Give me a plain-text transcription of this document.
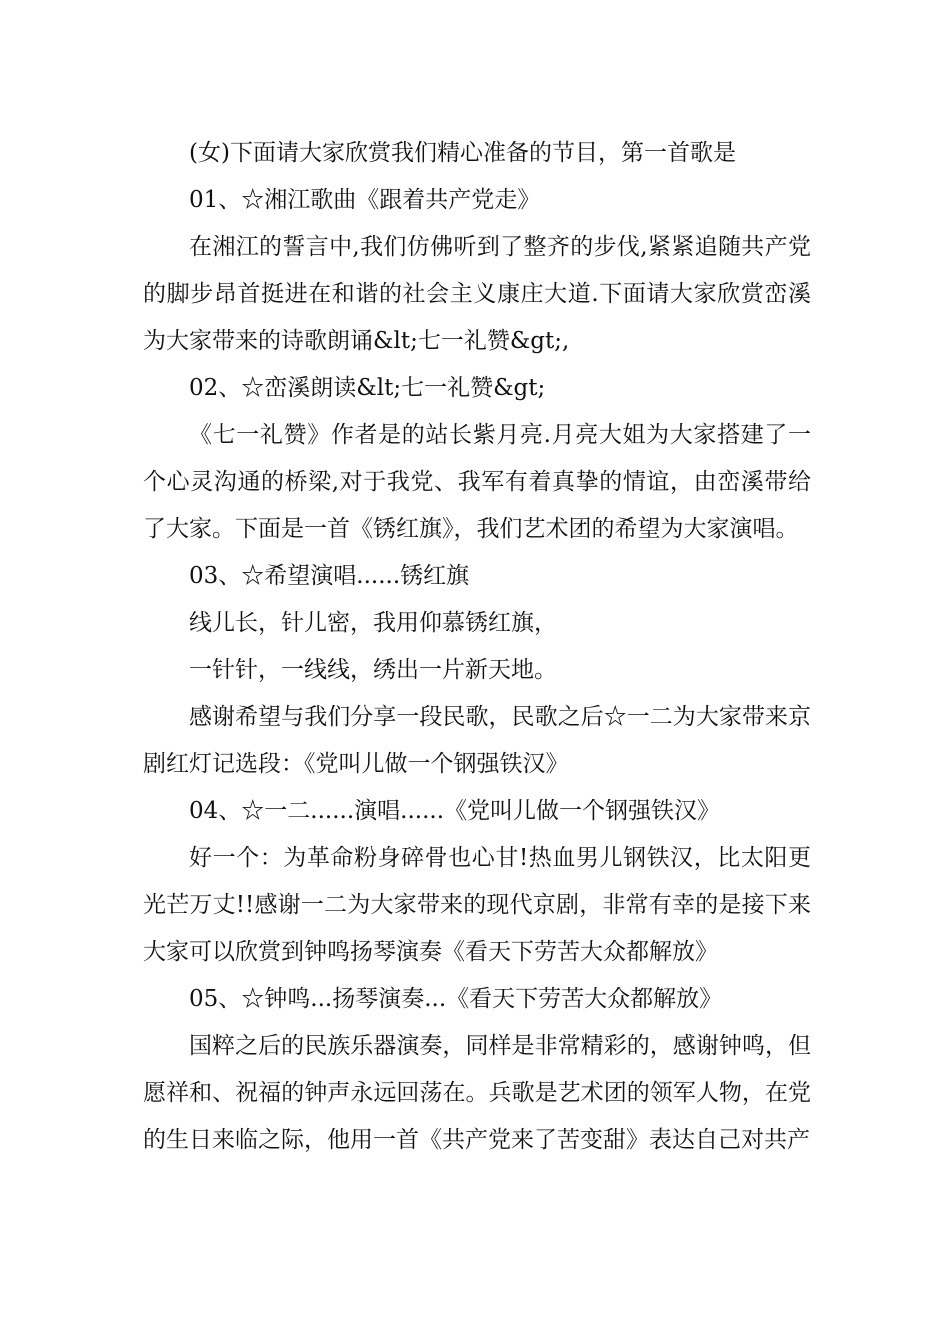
(女)下面请大家欣赏我们精心准备的节目，第一首歌是

01、☆湘江歌曲《跟着共产党走》

在湘江的誓言中,我们仿佛听到了整齐的步伐,紧紧追随共产党的脚步昂首挺进在和谐的社会主义康庄大道.下面请大家欣赏峦溪为大家带来的诗歌朗诵&lt;七一礼赞&gt;,

02、☆峦溪朗读&lt;七一礼赞&gt;

《七一礼赞》作者是的站长紫月亮.月亮大姐为大家搭建了一个心灵沟通的桥梁,对于我党、我军有着真挚的情谊，由峦溪带给了大家。下面是一首《锈红旗》，我们艺术团的希望为大家演唱。

03、☆希望演唱......锈红旗

线儿长，针儿密，我用仰慕锈红旗，

一针针，一线线，绣出一片新天地。

感谢希望与我们分享一段民歌，民歌之后☆一二为大家带来京剧红灯记选段：《党叫儿做一个钢强铁汉》

04、☆一二......演唱......《党叫儿做一个钢强铁汉》

好一个：为革命粉身碎骨也心甘!热血男儿钢铁汉，比太阳更光芒万丈!!感谢一二为大家带来的现代京剧，非常有幸的是接下来大家可以欣赏到钟鸣扬琴演奏《看天下劳苦大众都解放》

05、☆钟鸣...扬琴演奏...《看天下劳苦大众都解放》

国粹之后的民族乐器演奏，同样是非常精彩的，感谢钟鸣，但愿祥和、祝福的钟声永远回荡在。兵歌是艺术团的领军人物，在党的生日来临之际，他用一首《共产党来了苦变甜》表达自己对共产
